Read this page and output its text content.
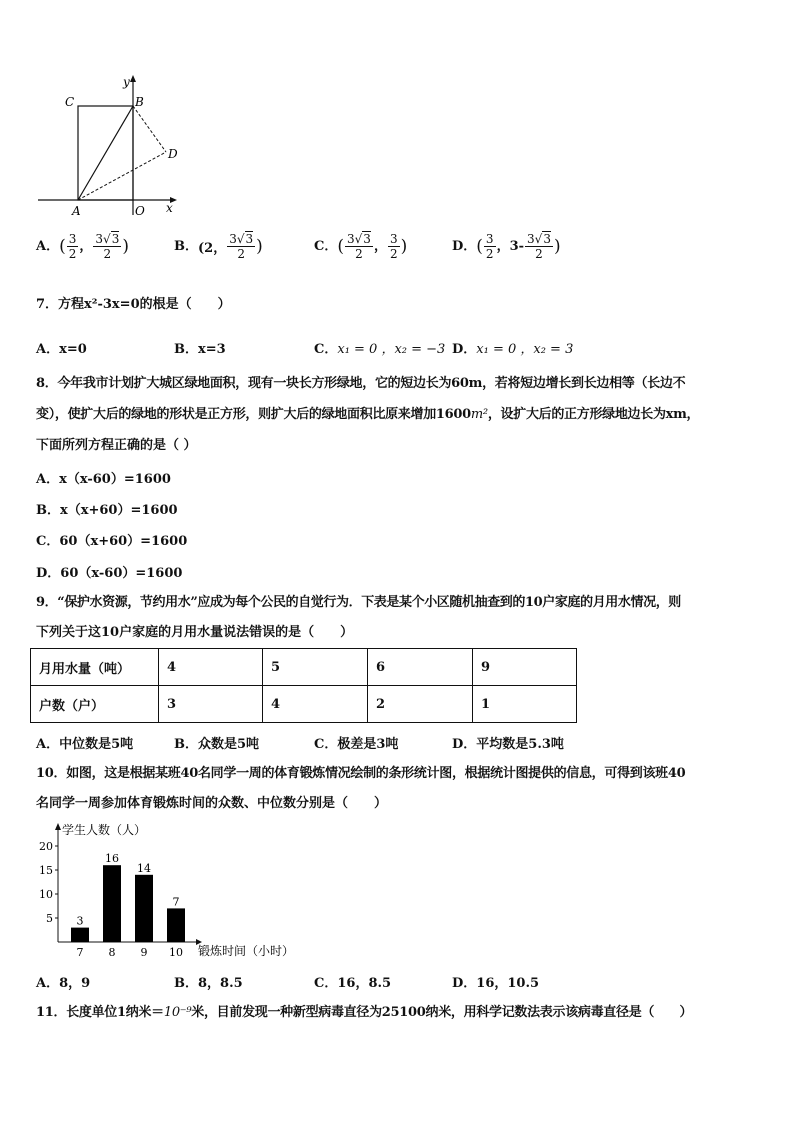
C	B
y
D
A	O x
A．( $\frac{3}{2}$ ， $\frac{3√3}{2}$ )	B．(2， $\frac{3√3}{2}$ )	C．( $\frac{3√3}{2}$ ， $\frac{3}{2}$ )	D．( $\frac{3}{2}$ ，$3- \frac{3√3}{2}$ )
7．方程x²-3x=0的根是（　　）
A．x=0	B．x=3	C．x₁ = 0 ，x₂ = −3 D．x₁ = 0 ，x₂ = 3
8．今年我市计划扩大城区绿地面积，现有一块长方形绿地，它的短边长为60m，若将短边增长到长边相等（长边不
变），使扩大后的绿地的形状是正方形，则扩大后的绿地面积比原来增加1600m²，设扩大后的正方形绿地边长为xm，
下面所列方程正确的是（ ）
A．x（x-60）=1600
B．x（x+60）=1600
C．60（x+60）=1600
D．60（x-60）=1600
9．“保护水资源，节约用水”应成为每个公民的自觉行为．下表是某个小区随机抽查到的10户家庭的月用水情况，则
下列关于这10户家庭的月用水量说法错误的是（　　）
月用水量（吨）	4	5	6	9
户数（户）	3	4	2	1
A．中位数是5吨	B．众数是5吨	C．极差是3吨	D．平均数是5.3吨
10．如图，这是根据某班40名同学一周的体育锻炼情况绘制的条形统计图，根据统计图提供的信息，可得到该班40
名同学一周参加体育锻炼时间的众数、中位数分别是（　　）
学生人数（人）
锻炼时间（小时）
5
10
15
20
3
7
16
8
14
9
7
10
A．8，9	B．8，8.5	C．16，8.5	D．16，10.5
11．长度单位1纳米＝10⁻⁹米，目前发现一种新型病毒直径为25100纳米，用科学记数法表示该病毒直径是（　　）
